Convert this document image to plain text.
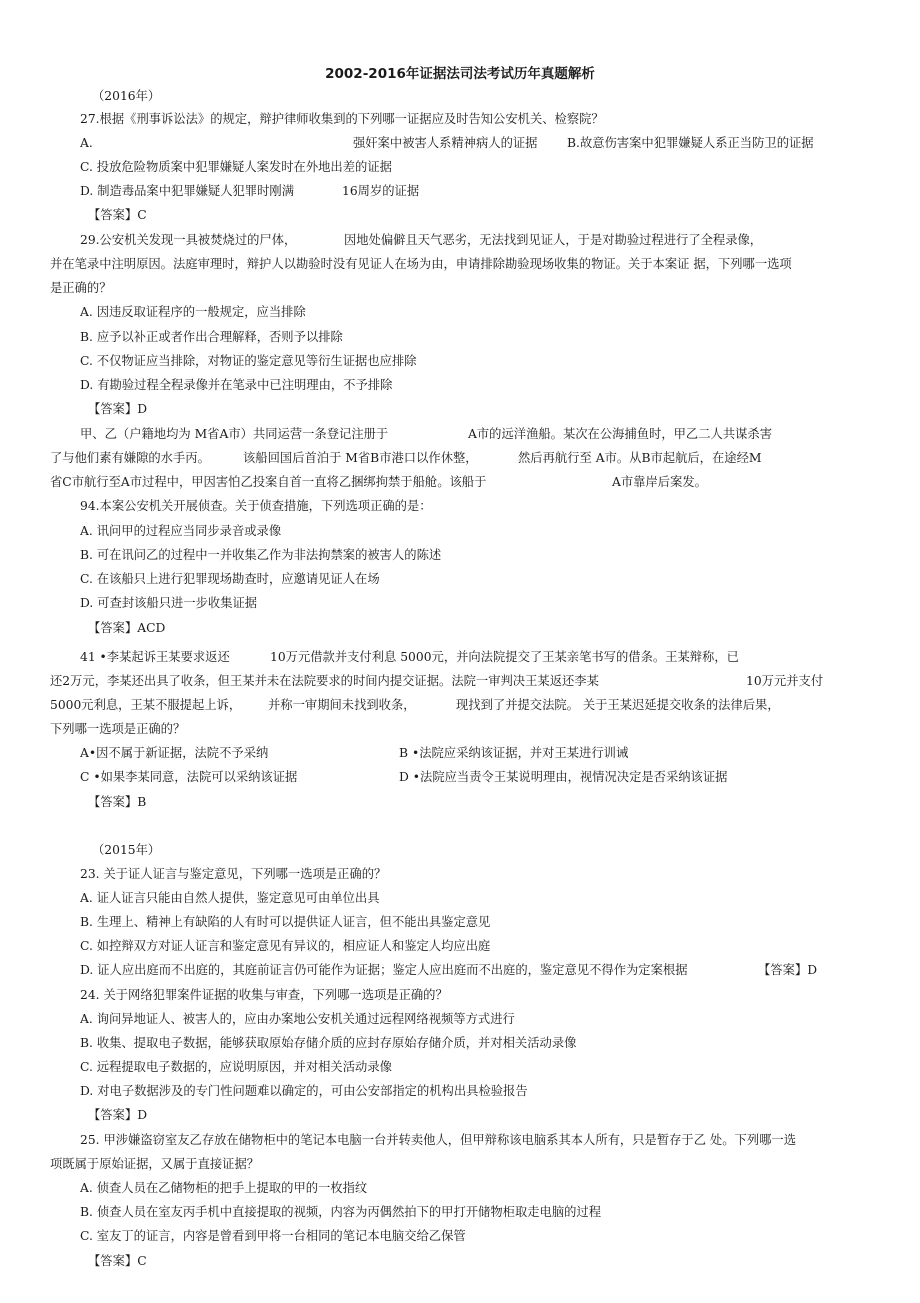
2002-2016年证据法司法考试历年真题解析
（2016年）
27.根据《刑事诉讼法》的规定，辩护律师收集到的下列哪一证据应及时告知公安机关、检察院？
A.	强奸案中被害人系精神病人的证据 B.故意伤害案中犯罪嫌疑人系正当防卫的证据
C. 投放危险物质案中犯罪嫌疑人案发时在外地出差的证据
D. 制造毒品案中犯罪嫌疑人犯罪时刚满	16周岁的证据
【答案】C
29.公安机关发现一具被焚烧过的尸体，	因地处偏僻且天气恶劣，无法找到见证人，于是对勘验过程进行了全程录像，
并在笔录中注明原因。法庭审理时，辩护人以勘验时没有见证人在场为由，申请排除勘验现场收集的物证。关于本案证 据，下列哪一选项
是正确的？
A. 因违反取证程序的一般规定，应当排除
B. 应予以补正或者作出合理解释，否则予以排除
C. 不仅物证应当排除，对物证的鉴定意见等衍生证据也应排除
D. 有勘验过程全程录像并在笔录中已注明理由，不予排除
【答案】D
甲、乙（户籍地均为 M省A市）共同运营一条登记注册于	A市的远洋渔船。某次在公海捕鱼时，甲乙二人共谋杀害
了与他们素有嫌隙的水手丙。	该船回国后首泊于 M省B市港口以作休整，	然后再航行至 A市。从B市起航后，在途经M
省C市航行至A市过程中，甲因害怕乙投案自首一直将乙捆绑拘禁于船舱。该船于	A市靠岸后案发。
94.本案公安机关开展侦查。关于侦查措施，下列选项正确的是：
A. 讯问甲的过程应当同步录音或录像
B. 可在讯问乙的过程中一并收集乙作为非法拘禁案的被害人的陈述
C. 在该船只上进行犯罪现场勘查时，应邀请见证人在场
D. 可查封该船只进一步收集证据
【答案】ACD
41 •李某起诉王某要求返还	10万元借款并支付利息 5000元，并向法院提交了王某亲笔书写的借条。王某辩称，已
还2万元，李某还出具了收条，但王某并未在法院要求的时间内提交证据。法院一审判决王某返还李某	10万元并支付
5000元利息，王某不服提起上诉， 并称一审期间未找到收条，	现找到了并提交法院。 关于王某迟延提交收条的法律后果，
下列哪一选项是正确的？
A•因不属于新证据，法院不予采纳	B •法院应采纳该证据，并对王某进行训诫
C •如果李某同意，法院可以采纳该证据	D •法院应当责令王某说明理由，视情况决定是否采纳该证据
【答案】B
（2015年）
23. 关于证人证言与鉴定意见，下列哪一选项是正确的？
A. 证人证言只能由自然人提供，鉴定意见可由单位出具
B. 生理上、精神上有缺陷的人有时可以提供证人证言，但不能出具鉴定意见
C. 如控辩双方对证人证言和鉴定意见有异议的，相应证人和鉴定人均应出庭
D. 证人应出庭而不出庭的，其庭前证言仍可能作为证据；鉴定人应出庭而不出庭的，鉴定意见不得作为定案根据	【答案】D
24. 关于网络犯罪案件证据的收集与审查，下列哪一选项是正确的？
A. 询问异地证人、被害人的，应由办案地公安机关通过远程网络视频等方式进行
B. 收集、提取电子数据，能够获取原始存储介质的应封存原始存储介质，并对相关活动录像
C. 远程提取电子数据的，应说明原因，并对相关活动录像
D. 对电子数据涉及的专门性问题难以确定的，可由公安部指定的机构出具检验报告
【答案】D
25. 甲涉嫌盗窃室友乙存放在储物柜中的笔记本电脑一台并转卖他人，但甲辩称该电脑系其本人所有，只是暂存于乙 处。下列哪一选
项既属于原始证据，又属于直接证据？
A. 侦查人员在乙储物柜的把手上提取的甲的一枚指纹
B. 侦查人员在室友丙手机中直接提取的视频，内容为丙偶然拍下的甲打开储物柜取走电脑的过程
C. 室友丁的证言，内容是曾看到甲将一台相同的笔记本电脑交给乙保管
【答案】C
